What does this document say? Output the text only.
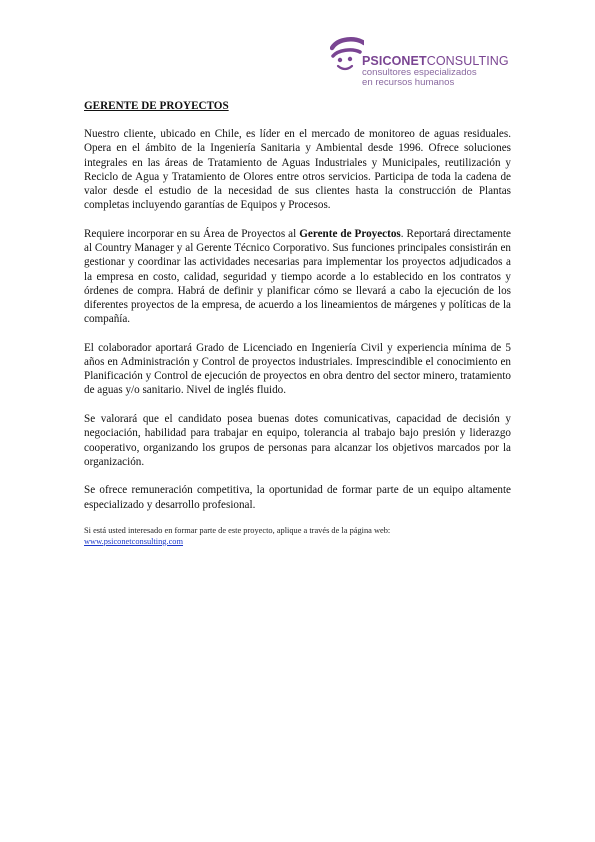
PSICONETCONSULTING
consultores especializados
en recursos humanos
GERENTE DE PROYECTOS

Nuestro cliente, ubicado en Chile, es líder en el mercado de monitoreo de aguas residuales. Opera en el ámbito de la Ingeniería Sanitaria y Ambiental desde 1996. Ofrece soluciones integrales en las áreas de Tratamiento de Aguas Industriales y Municipales, reutilización y Reciclo de Agua y Tratamiento de Olores entre otros servicios. Participa de toda la cadena de valor desde el estudio de la necesidad de sus clientes hasta la construcción de Plantas completas incluyendo garantías de Equipos y Procesos.

Requiere incorporar en su Área de Proyectos al Gerente de Proyectos. Reportará directamente al Country Manager y al Gerente Técnico Corporativo. Sus funciones principales consistirán en gestionar y coordinar las actividades necesarias para implementar los proyectos adjudicados a la empresa en costo, calidad, seguridad y tiempo acorde a lo establecido en los contratos y órdenes de compra. Habrá de definir y planificar cómo se llevará a cabo la ejecución de los diferentes proyectos de la empresa, de acuerdo a los lineamientos de márgenes y políticas de la compañía.

El colaborador aportará Grado de Licenciado en Ingeniería Civil y experiencia mínima de 5 años en Administración y Control de proyectos industriales. Imprescindible el conocimiento en Planificación y Control de ejecución de proyectos en obra dentro del sector minero, tratamiento de aguas y/o sanitario. Nivel de inglés fluido.

Se valorará que el candidato posea buenas dotes comunicativas, capacidad de decisión y negociación, habilidad para trabajar en equipo, tolerancia al trabajo bajo presión y liderazgo cooperativo, organizando los grupos de personas para alcanzar los objetivos marcados por la organización.

Se ofrece remuneración competitiva, la oportunidad de formar parte de un equipo altamente especializado y desarrollo profesional.

Si está usted interesado en formar parte de este proyecto, aplique a través de la página web:
www.psiconetconsulting.com
